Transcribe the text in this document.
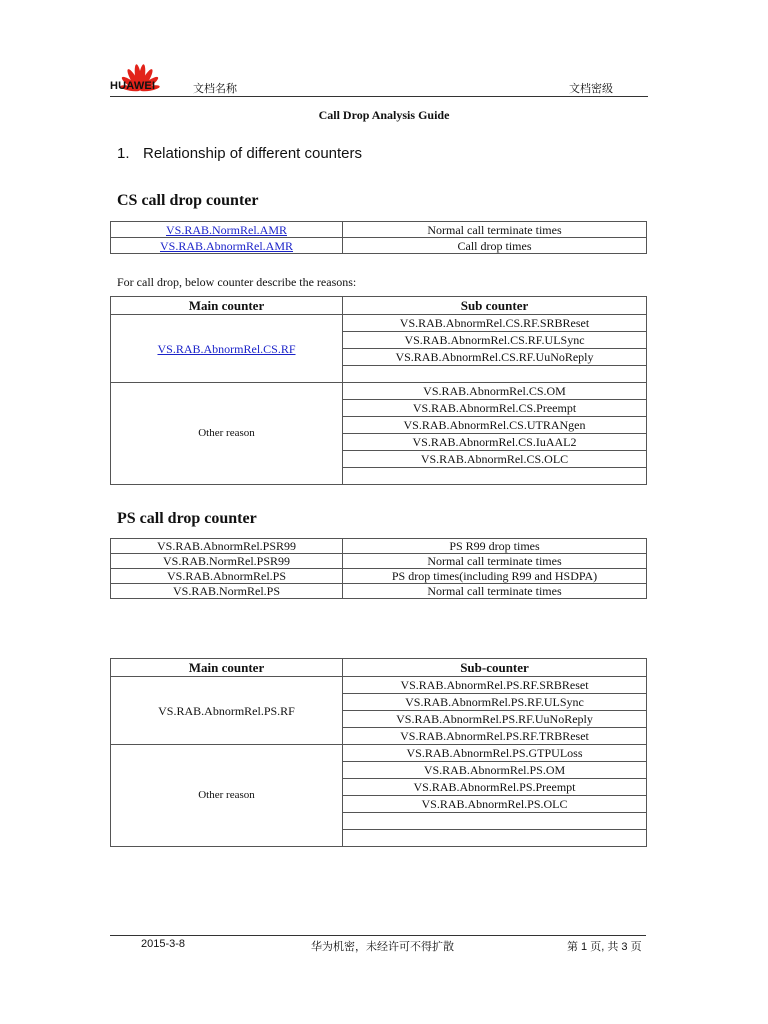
HUAWEI	文档名称	文档密级
Call Drop Analysis Guide
1. Relationship of different counters
CS call drop counter
VS.RAB.NormRel.AMR	Normal call terminate times
VS.RAB.AbnormRel.AMR	Call drop times
For call drop, below counter describe the reasons:
Main counter	Sub counter
VS.RAB.AbnormRel.CS.RF	VS.RAB.AbnormRel.CS.RF.SRBReset
	VS.RAB.AbnormRel.CS.RF.ULSync
	VS.RAB.AbnormRel.CS.RF.UuNoReply

Other reason	VS.RAB.AbnormRel.CS.OM
	VS.RAB.AbnormRel.CS.Preempt
	VS.RAB.AbnormRel.CS.UTRANgen
	VS.RAB.AbnormRel.CS.IuAAL2
	VS.RAB.AbnormRel.CS.OLC

PS call drop counter
VS.RAB.AbnormRel.PSR99	PS R99 drop times
VS.RAB.NormRel.PSR99	Normal call terminate times
VS.RAB.AbnormRel.PS	PS drop times(including R99 and HSDPA)
VS.RAB.NormRel.PS	Normal call terminate times
Main counter	Sub-counter
VS.RAB.AbnormRel.PS.RF	VS.RAB.AbnormRel.PS.RF.SRBReset
	VS.RAB.AbnormRel.PS.RF.ULSync
	VS.RAB.AbnormRel.PS.RF.UuNoReply
	VS.RAB.AbnormRel.PS.RF.TRBReset
Other reason	VS.RAB.AbnormRel.PS.GTPULoss
	VS.RAB.AbnormRel.PS.OM
	VS.RAB.AbnormRel.PS.Preempt
	VS.RAB.AbnormRel.PS.OLC

2015-3-8	华为机密，未经许可不得扩散	第 1 页, 共 3 页
